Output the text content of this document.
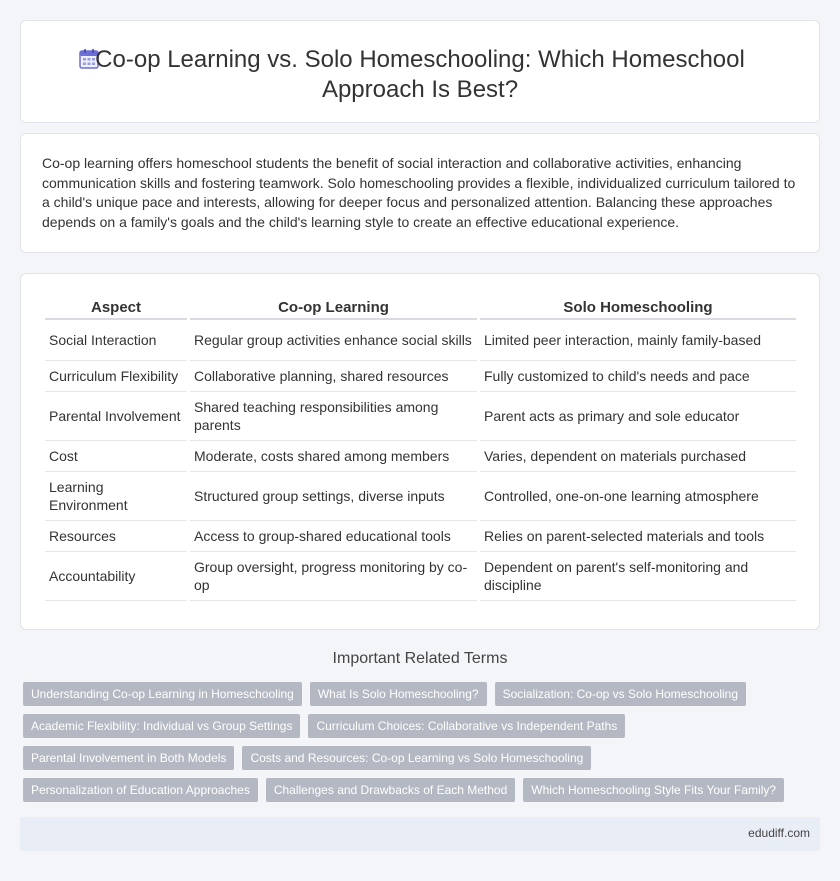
Co-op Learning vs. Solo Homeschooling: Which Homeschool
Approach Is Best?

Co-op learning offers homeschool students the benefit of social interaction and collaborative activities, enhancing communication skills and fostering teamwork. Solo homeschooling provides a flexible, individualized curriculum tailored to a child's unique pace and interests, allowing for deeper focus and personalized attention. Balancing these approaches depends on a family's goals and the child's learning style to create an effective educational experience.

Aspect	Co-op Learning	Solo Homeschooling
Social Interaction	Regular group activities enhance social skills	Limited peer interaction, mainly family-based
Curriculum Flexibility	Collaborative planning, shared resources	Fully customized to child's needs and pace
Parental Involvement	Shared teaching responsibilities among parents	Parent acts as primary and sole educator
Cost	Moderate, costs shared among members	Varies, dependent on materials purchased
Learning Environment	Structured group settings, diverse inputs	Controlled, one-on-one learning atmosphere
Resources	Access to group-shared educational tools	Relies on parent-selected materials and tools
Accountability	Group oversight, progress monitoring by co-op	Dependent on parent's self-monitoring and discipline
Important Related Terms
Understanding Co-op Learning in Homeschooling	What Is Solo Homeschooling?	Socialization: Co-op vs Solo Homeschooling
Academic Flexibility: Individual vs Group Settings	Curriculum Choices: Collaborative vs Independent Paths
Parental Involvement in Both Models	Costs and Resources: Co-op Learning vs Solo Homeschooling
Personalization of Education Approaches	Challenges and Drawbacks of Each Method	Which Homeschooling Style Fits Your Family?
edudiff.com
